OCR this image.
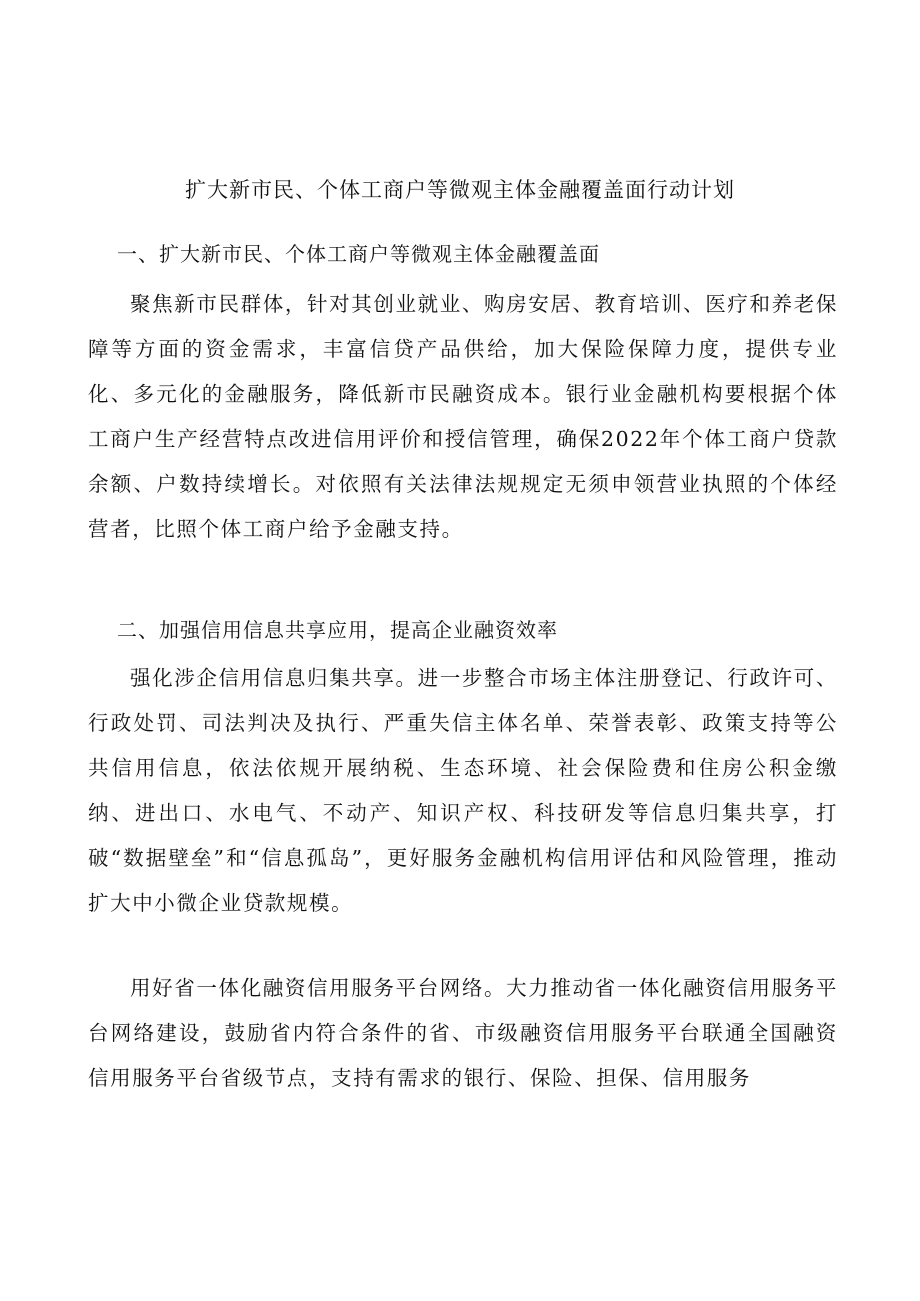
扩大新市民、个体工商户等微观主体金融覆盖面行动计划
一、扩大新市民、个体工商户等微观主体金融覆盖面

聚焦新市民群体，针对其创业就业、购房安居、教育培训、医疗和养老保障等方面的资金需求，丰富信贷产品供给，加大保险保障力度，提供专业化、多元化的金融服务，降低新市民融资成本。银行业金融机构要根据个体工商户生产经营特点改进信用评价和授信管理，确保2022年个体工商户贷款余额、户数持续增长。对依照有关法律法规规定无须申领营业执照的个体经营者，比照个体工商户给予金融支持。

二、加强信用信息共享应用，提高企业融资效率

强化涉企信用信息归集共享。进一步整合市场主体注册登记、行政许可、行政处罚、司法判决及执行、严重失信主体名单、荣誉表彰、政策支持等公共信用信息，依法依规开展纳税、生态环境、社会保险费和住房公积金缴纳、进出口、水电气、不动产、知识产权、科技研发等信息归集共享，打破“数据壁垒”和“信息孤岛”，更好服务金融机构信用评估和风险管理，推动扩大中小微企业贷款规模。

用好省一体化融资信用服务平台网络。大力推动省一体化融资信用服务平台网络建设，鼓励省内符合条件的省、市级融资信用服务平台联通全国融资信用服务平台省级节点，支持有需求的银行、保险、担保、信用服务
